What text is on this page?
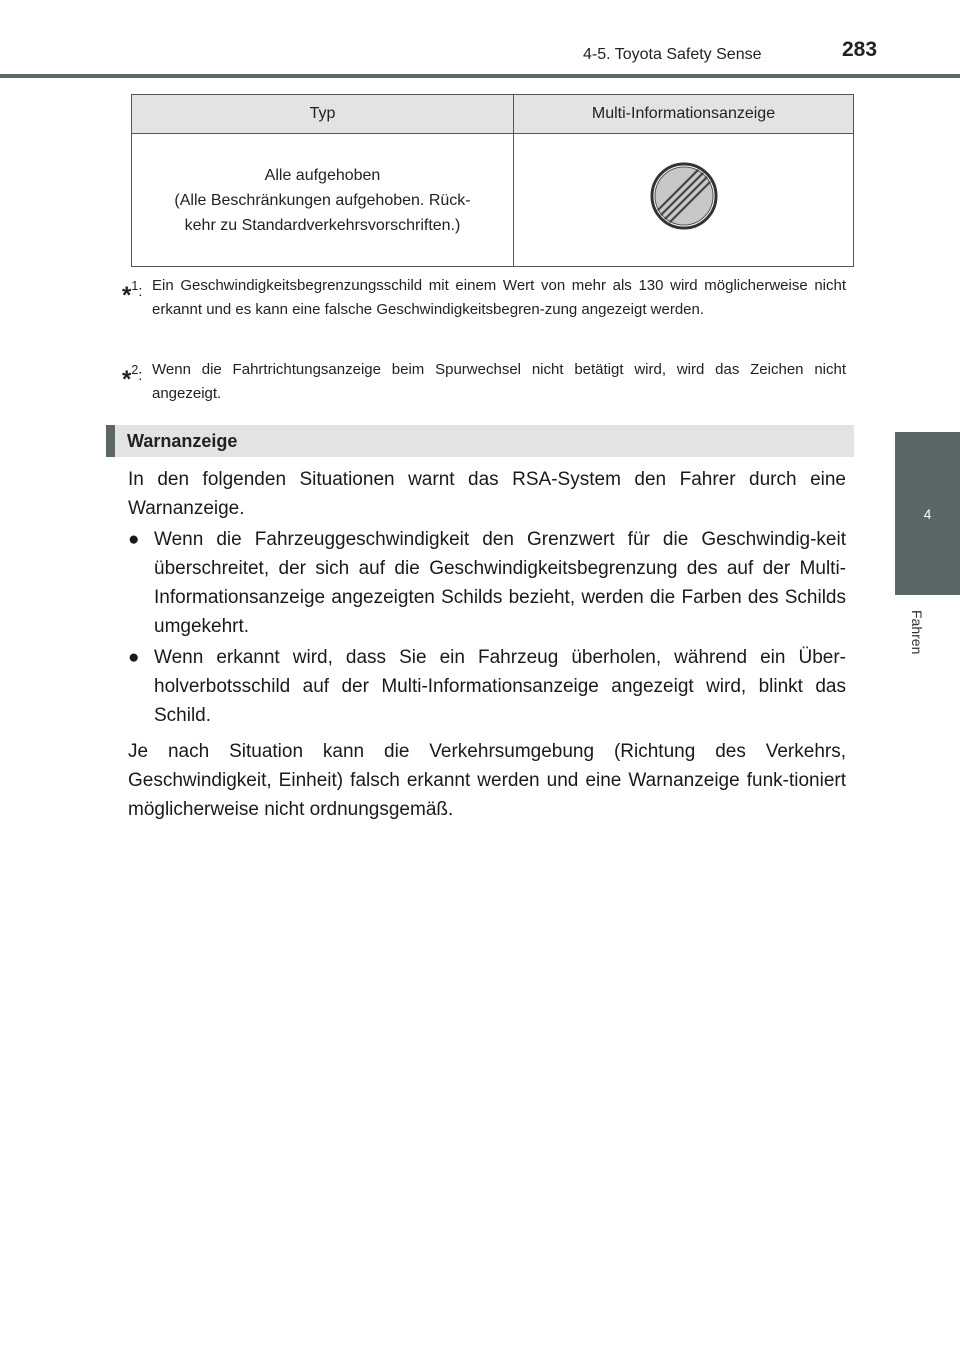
4-5. Toyota Safety Sense	283
4
Fahren
Typ	Multi-Informationsanzeige

Alle aufgehoben
(Alle Beschränkungen aufgehoben. Rück-
kehr zu Standardverkehrsvorschriften.)

*$^1$: Ein Geschwindigkeitsbegrenzungsschild mit einem Wert von mehr als 130 wird möglicherweise nicht erkannt und es kann eine falsche Geschwindigkeitsbegren-zung angezeigt werden.
*$^2$: Wenn die Fahrtrichtungsanzeige beim Spurwechsel nicht betätigt wird, wird das Zeichen nicht angezeigt.
Warnanzeige
In den folgenden Situationen warnt das RSA-System den Fahrer durch eine Warnanzeige.
● Wenn die Fahrzeuggeschwindigkeit den Grenzwert für die Geschwindig-keit überschreitet, der sich auf die Geschwindigkeitsbegrenzung des auf der Multi-Informationsanzeige angezeigten Schilds bezieht, werden die Farben des Schilds umgekehrt.
● Wenn erkannt wird, dass Sie ein Fahrzeug überholen, während ein Über-holverbotsschild auf der Multi-Informationsanzeige angezeigt wird, blinkt das Schild.
Je nach Situation kann die Verkehrsumgebung (Richtung des Verkehrs, Geschwindigkeit, Einheit) falsch erkannt werden und eine Warnanzeige funk-tioniert möglicherweise nicht ordnungsgemäß.
